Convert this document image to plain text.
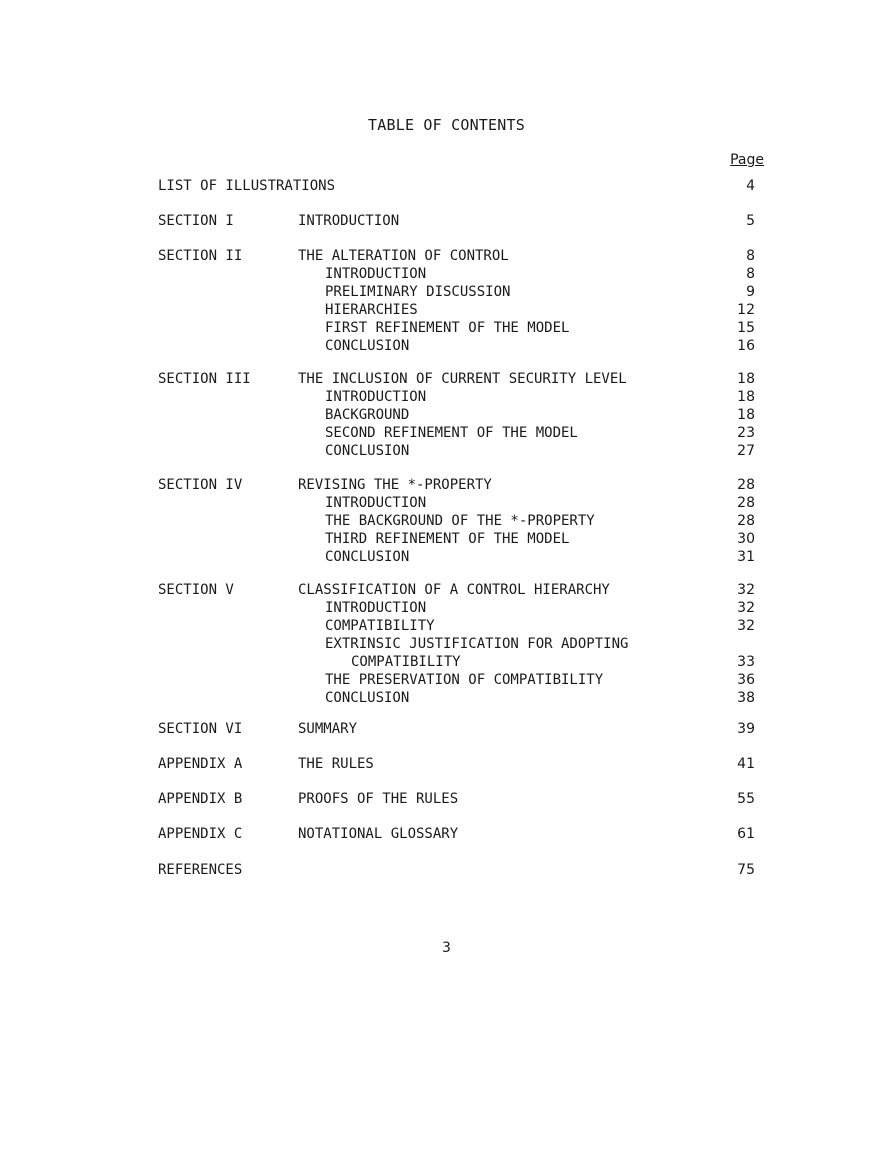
TABLE OF CONTENTS
Page
LIST OF ILLUSTRATIONS	4
SECTION I	INTRODUCTION	5
SECTION II	THE ALTERATION OF CONTROL	8
INTRODUCTION	8
PRELIMINARY DISCUSSION	9
HIERARCHIES	12
FIRST REFINEMENT OF THE MODEL	15
CONCLUSION	16
SECTION III	THE INCLUSION OF CURRENT SECURITY LEVEL	18
INTRODUCTION	18
BACKGROUND	18
SECOND REFINEMENT OF THE MODEL	23
CONCLUSION	27
SECTION IV	REVISING THE *-PROPERTY	28
INTRODUCTION	28
THE BACKGROUND OF THE *-PROPERTY	28
THIRD REFINEMENT OF THE MODEL	30
CONCLUSION	31
SECTION V	CLASSIFICATION OF A CONTROL HIERARCHY	32
INTRODUCTION	32
COMPATIBILITY	32
EXTRINSIC JUSTIFICATION FOR ADOPTING
COMPATIBILITY	33
THE PRESERVATION OF COMPATIBILITY	36
CONCLUSION	38
SECTION VI	SUMMARY	39
APPENDIX A	THE RULES	41
APPENDIX B	PROOFS OF THE RULES	55
APPENDIX C	NOTATIONAL GLOSSARY	61
REFERENCES	75
3
